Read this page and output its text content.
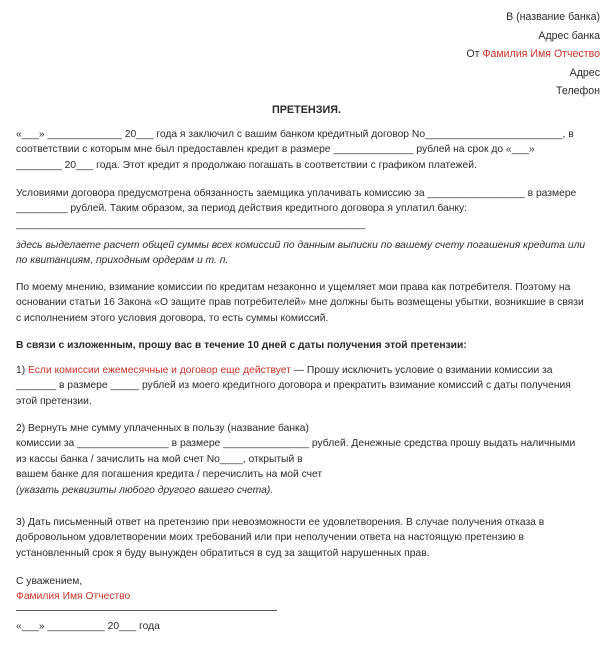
В (название банка)
Адрес банка
От Фамилия Имя Отчество
Адрес
Телефон
ПРЕТЕНЗИЯ.
«___» _____________ 20___ года я заключил с вашим банком кредитный договор No________________________, в
соответствии с которым мне был предоставлен кредит в размере ______________ рублей на срок до «___»
________ 20___ года. Этот кредит я продолжаю погашать в соответствии с графиком платежей.
Условиями договора предусмотрена обязанность заемщика уплачивать комиссию за _________________ в размере
_________ рублей. Таким образом, за период действия кредитного договора я уплатил банку:
_____________________________________________________________
здесь выделаете расчет общей суммы всех комиссий по данным выписки по вашему счету погашения кредита или
по квитанциям, приходным ордерам и т. п.
По моему мнению, взимание комиссии по кредитам незаконно и ущемляет мои права как потребителя. Поэтому на
основании статьи 16 Закона «О защите прав потребителей» мне должны быть возмещены убытки, возникшие в связи
с исполнением этого условия договора, то есть суммы комиссий.
В связи с изложенным, прошу вас в течение 10 дней с даты получения этой претензии:
1) Если комиссии ежемесячные и договор еще действует — Прошу исключить условие о взимании комиссии за
_______ в размере _____ рублей из моего кредитного договора и прекратить взимание комиссий с даты получения
этой претензии.
2) Вернуть мне сумму уплаченных в пользу (название банка)
комиссии за ________________ в размере _______________ рублей. Денежные средства прошу выдать наличными
из кассы банка / зачислить на мой счет No____, открытый в
вашем банке для погашения кредита / перечислить на мой счет
(указать реквизиты любого другого вашего счета).
3) Дать письменный ответ на претензию при невозможности ее удовлетворения. В случае получения отказа в
добровольном удовлетворении моих требований или при неполучении ответа на настоящую претензию в
установленный срок я буду вынужден обратиться в суд за защитой нарушенных прав.
С уважением,
Фамилия Имя Отчество
«___» __________ 20___ года
